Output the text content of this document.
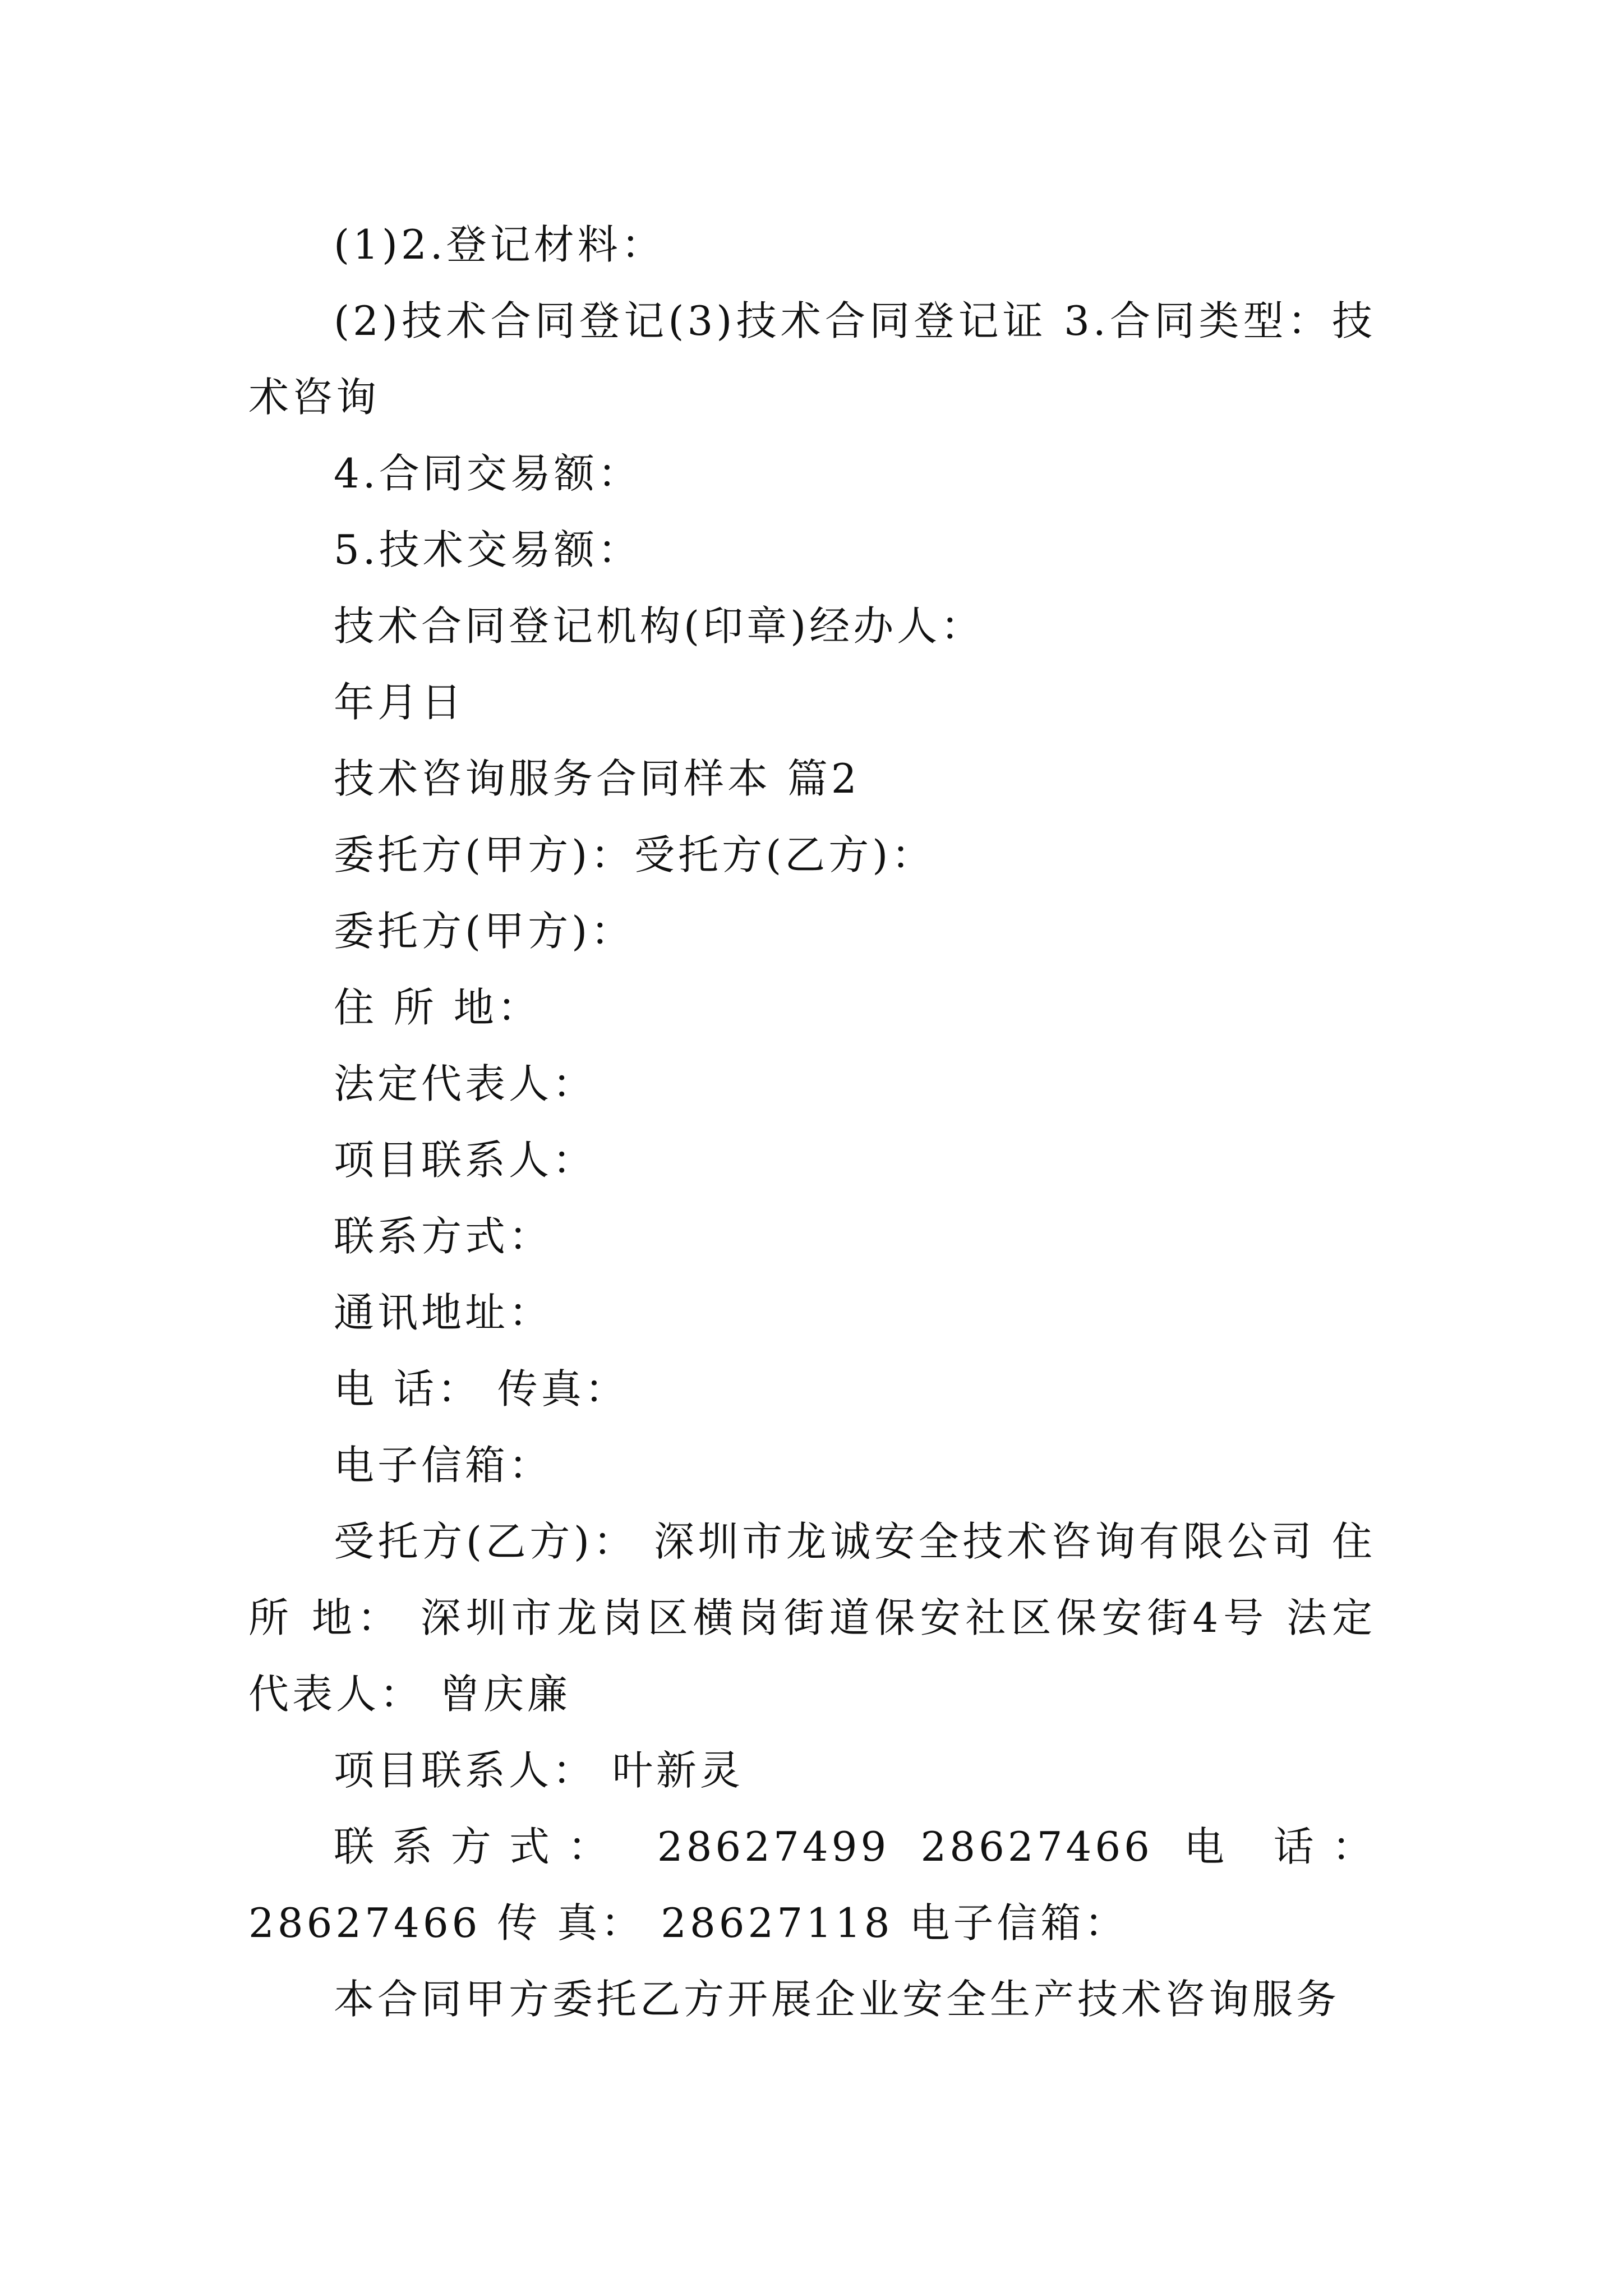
(1)2.登记材料：

(2)技术合同登记(3)技术合同登记证 3.合同类型：技术咨询

4.合同交易额：

5.技术交易额：

技术合同登记机构(印章)经办人：

年月日

技术咨询服务合同样本 篇2

委托方(甲方)：受托方(乙方)：

委托方(甲方)：

住 所 地：

法定代表人：

项目联系人：

联系方式：

通讯地址：

电 话： 传真：

电子信箱：

受托方(乙方)： 深圳市龙诚安全技术咨询有限公司 住 所 地： 深圳市龙岗区横岗街道保安社区保安街4号 法定代表人： 曾庆廉

项目联系人： 叶新灵

联系方式： 28627499 28627466 电 话： 28627466 传 真： 28627118 电子信箱：

本合同甲方委托乙方开展企业安全生产技术咨询服务
